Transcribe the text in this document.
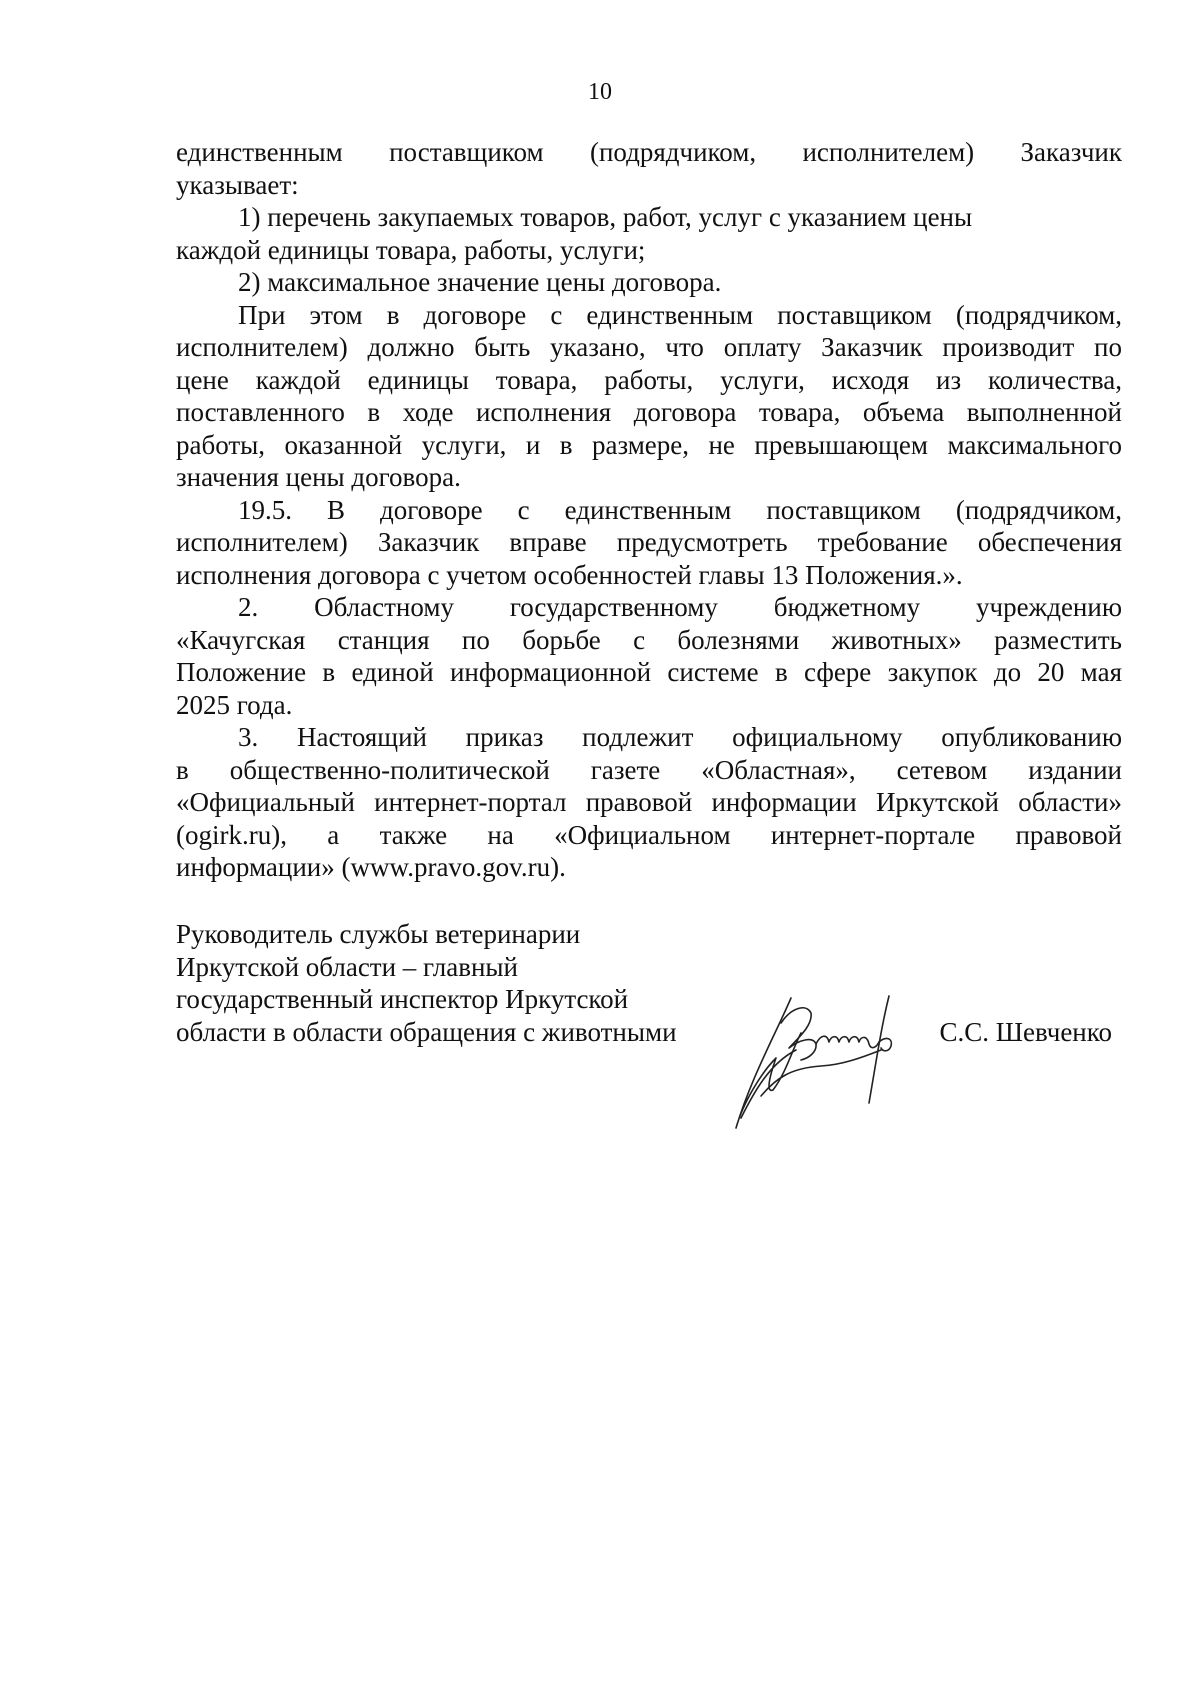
10

единственным поставщиком (подрядчиком, исполнителем) Заказчик
указывает:

1) перечень закупаемых товаров, работ, услуг с указанием цены
каждой единицы товара, работы, услуги;

2) максимальное значение цены договора.

При этом в договоре с единственным поставщиком (подрядчиком,
исполнителем) должно быть указано, что оплату Заказчик производит по
цене каждой единицы товара, работы, услуги, исходя из количества,
поставленного в ходе исполнения договора товара, объема выполненной
работы, оказанной услуги, и в размере, не превышающем максимального
значения цены договора.

19.5. В договоре с единственным поставщиком (подрядчиком,
исполнителем) Заказчик вправе предусмотреть требование обеспечения
исполнения договора с учетом особенностей главы 13 Положения.».

2. Областному государственному бюджетному учреждению
«Качугская станция по борьбе с болезнями животных» разместить
Положение в единой информационной системе в сфере закупок до 20 мая
2025 года.

3. Настоящий приказ подлежит официальному опубликованию
в общественно-политической газете «Областная», сетевом издании
«Официальный интернет-портал правовой информации Иркутской области»
(ogirk.ru), а также на «Официальном интернет-портале правовой
информации» (www.pravo.gov.ru).

Руководитель службы ветеринарии
Иркутской области – главный
государственный инспектор Иркутской
области в области обращения с животными	С.С. Шевченко
